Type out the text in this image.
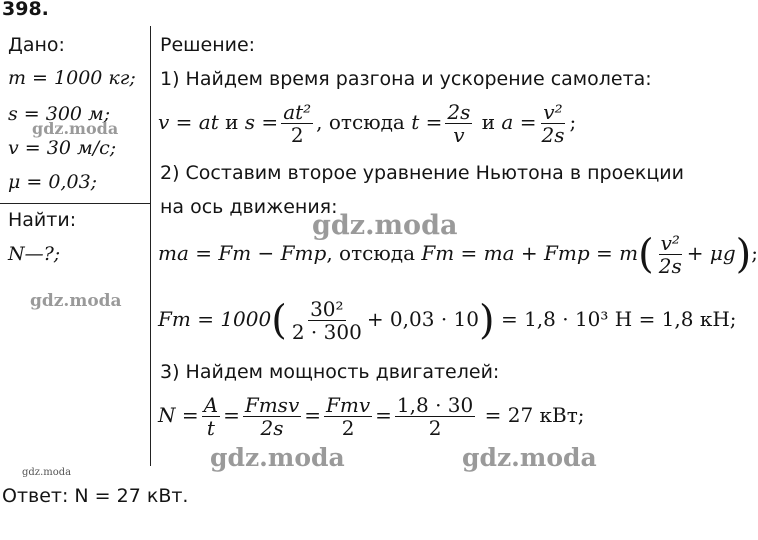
398.
Дано:
m = 1000 кг;
s = 300 м;
v = 30 м/с;
μ = 0,03;
Найти:
N—?;
Решение:
1) Найдем время разгона и ускорение самолета:
v = at и $s = \frac{\text{at²}}{2}$ , отсюда $t = \frac{2s}{v}$ и $a = \frac{\text{v²}}{2s}$ ;
2) Составим второе уравнение Ньютона в проекции
на ось движения:
ma = Fт − Fтр, отсюда Fт = ma + Fтр = $m( \frac{\text{v²}}{2s} + \mu g)$;
Fт = $1000( \frac{\text{30²}}{2 \cdot 300} + 0,03 \cdot 10) = 1,8 \cdot 10^3$ Н = 1,8 кН;
3) Найдем мощность двигателей:
$N = \frac{A}{t} = \frac{\text{Fтsv}}{2s} = \frac{\text{Fтv}}{2} = \frac{1,8 \cdot 30}{2} = 27$ кВт;
Ответ: N = 27 кВт.
gdz.moda
gdz.moda
gdz.moda
gdz.moda	gdz.moda
gdz.moda
